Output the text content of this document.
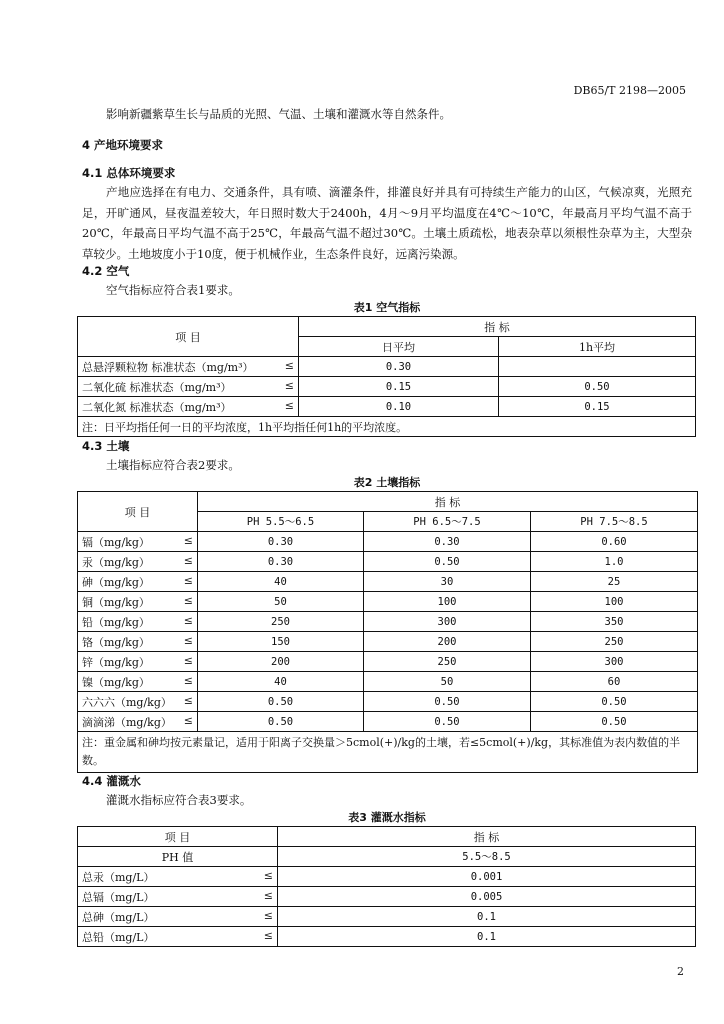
DB65/T 2198—2005
影响新疆紫草生长与品质的光照、气温、土壤和灌溉水等自然条件。
4 产地环境要求
4.1 总体环境要求
产地应选择在有电力、交通条件，具有喷、滴灌条件，排灌良好并具有可持续生产能力的山区，气候凉爽，光照充足，开旷通风，昼夜温差较大，年日照时数大于2400h，4月～9月平均温度在4℃～10℃，年最高月平均气温不高于20℃，年最高日平均气温不高于25℃，年最高气温不超过30℃。土壤土质疏松，地表杂草以须根性杂草为主，大型杂草较少。土地坡度小于10度，便于机械作业，生态条件良好，远离污染源。
4.2 空气
空气指标应符合表1要求。
表1 空气指标
项 目	指 标	
	日平均	1h平均

总悬浮颗粒物 标准状态（mg/m³） ≤	0.30	

二氧化硫 标准状态（mg/m³） ≤	0.15	0.50

二氧化氮 标准状态（mg/m³） ≤	0.10	0.15
注：日平均指任何一日的平均浓度，1h平均指任何1h的平均浓度。		
4.3 土壤
土壤指标应符合表2要求。
表2 土壤指标
项 目	指 标		
	PH 5.5～6.5	PH 6.5～7.5	PH 7.5～8.5

镉（mg/kg） ≤	0.30	0.30	0.60

汞（mg/kg） ≤	0.30	0.50	1.0

砷（mg/kg） ≤	40	30	25

铜（mg/kg） ≤	50	100	100

铅（mg/kg） ≤	250	300	350

铬（mg/kg） ≤	150	200	250

锌（mg/kg） ≤	200	250	300

镍（mg/kg） ≤	40	50	60

六六六（mg/kg） ≤	0.50	0.50	0.50

滴滴涕（mg/kg） ≤	0.50	0.50	0.50
注：重金属和砷均按元素量记，适用于阳离子交换量＞5cmol(+)/kg的土壤，若≤5cmol(+)/kg，其标准值为表内数值的半数。			
4.4 灌溉水
灌溉水指标应符合表3要求。
表3 灌溉水指标
项 目	指 标
PH 值	5.5～8.5

总汞（mg/L） ≤	0.001

总镉（mg/L） ≤	0.005

总砷（mg/L） ≤	0.1

总铅（mg/L） ≤	0.1
2
